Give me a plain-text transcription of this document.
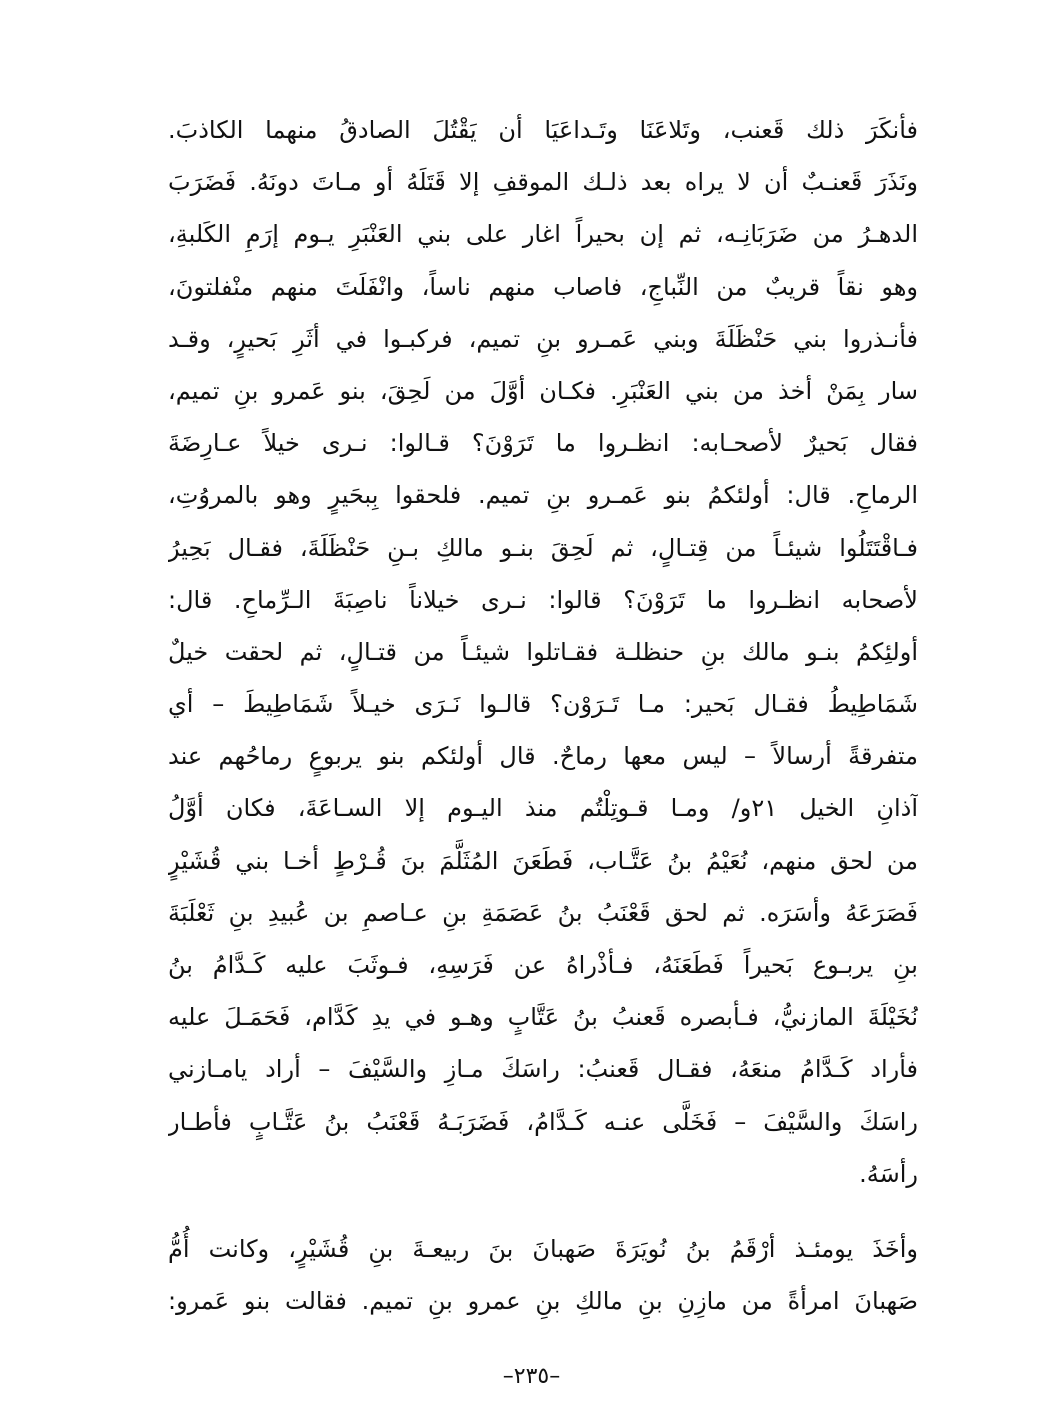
فأنكَرَ ذلك قَعنب، وتَلاعَنَا وتَـداعَيَا أن يَقْتُلَ الصادقُ منهما الكاذبَ.
ونَذَرَ قَعنـبٌ أن لا يراه بعد ذلـك الموقفِ إلا قَتَلَهُ أو مـاتَ دونَهُ. فَضَرَبَ
الدهـرُ من ضَرَبَانِـه، ثم إن بحيراً اغار على بني العَنْبَرِ يـوم إرَمِ الكَلبةِ،
وهو نقاً قريبٌ من النِّباجِ، فاصاب منهم ناساً، وانْفَلَتَ منهم منْفلتونَ،
فأنـذروا بني حَنْظَلَةَ وبني عَمـرو بنِ تميم، فركبـوا في أثَرِ بَحيرٍ، وقـد
سار بِمَنْ أخذ من بني العَنْبَرِ. فكـان أوَّلَ من لَحِقَ، بنو عَمرو بنِ تميم،
فقال بَحيرٌ لأصحـابه: انظـروا ما تَرَوْنَ؟ قـالوا: نـرى خيلاً عـارِضَةَ
الرماحِ. قال: أولئكمُ بنو عَمـرو بنِ تميم. فلحقوا بِبحَيرٍ وهو بالمروُتِ،
فـاقْتَتَلُوا شيئـاً من قِتـالٍ، ثم لَحِقَ بنـو مالكِ بـنِ حَنْظَلَةَ، فقـال بَحِيرُ
لأصحابه انظـروا ما تَرَوْنَ؟ قالوا: نـرى خيلاناً ناصِبَةَ الـرِّماحِ. قال:
أولئِكمُ بنـو مالك بنِ حنظلـة فقـاتلوا شيئـاً من قتـالٍ، ثم لحقت خيلٌ
شَمَاطِيطُ فقـال بَحير: مـا تَـرَوْن؟ قالـوا نَـرَى خيـلاً شَمَاطِيطَ – أي
متفرقةً أرسالاً – ليس معها رماحٌ. قال أولئكم بنو يربوعٍ رماحُهم عند
آذانِ الخيل ٢١و/ ومـا قـوتِلْتُم منذ اليـوم إلا السـاعَةَ، فكان أوَّلُ
من لحق منهم، نُعَيْمُ بنُ عَتَّـاب، فَطَعَنَ المُثَلَّمَ بنَ قُـرْطٍ أخـا بني قُشَيْرٍ
فَصَرَعَهُ وأسَرَه. ثم لحق قَعْنَبُ بنُ عَصَمَةِ بنِ عـاصمِ بن عُبيدِ بنِ ثَعْلَبَةَ
بنِ يربـوع بَحيراً فَطَعَنَهُ، فـأذْراهُ عن فَرَسِهِ، فـوثَبَ عليه كَـدَّامُ بنُ
نُخَيْلَةَ المازنيُّ، فـأبصره قَعنبُ بنُ عَتَّابٍ وهـو في يدِ كَدَّام، فَحَمَـلَ عليه
فأراد كَـدَّامُ منعَهُ، فقـال قَعنبُ: راسَكَ مـازِ والسَّيْفَ – أراد يامـازني
راسَكَ والسَّيْفَ – فَخَلَّى عنـه كَـدَّامُ، فَضَرَبَـهُ قَعْنَبُ بنُ عَتَّـابٍ فأطـار
رأسَهُ.
وأخَذَ يومئـذ أرْقَمُ بنُ نُويَرَةَ صَهبانَ بنَ ربيعـةَ بنِ قُشَيْرٍ، وكانت أُمُّ
صَهبانَ امرأةً من مازِنِ بنِ مالكِ بنِ عمرو بنِ تميم. فقالت بنو عَمرو:
–٢٣٥–
